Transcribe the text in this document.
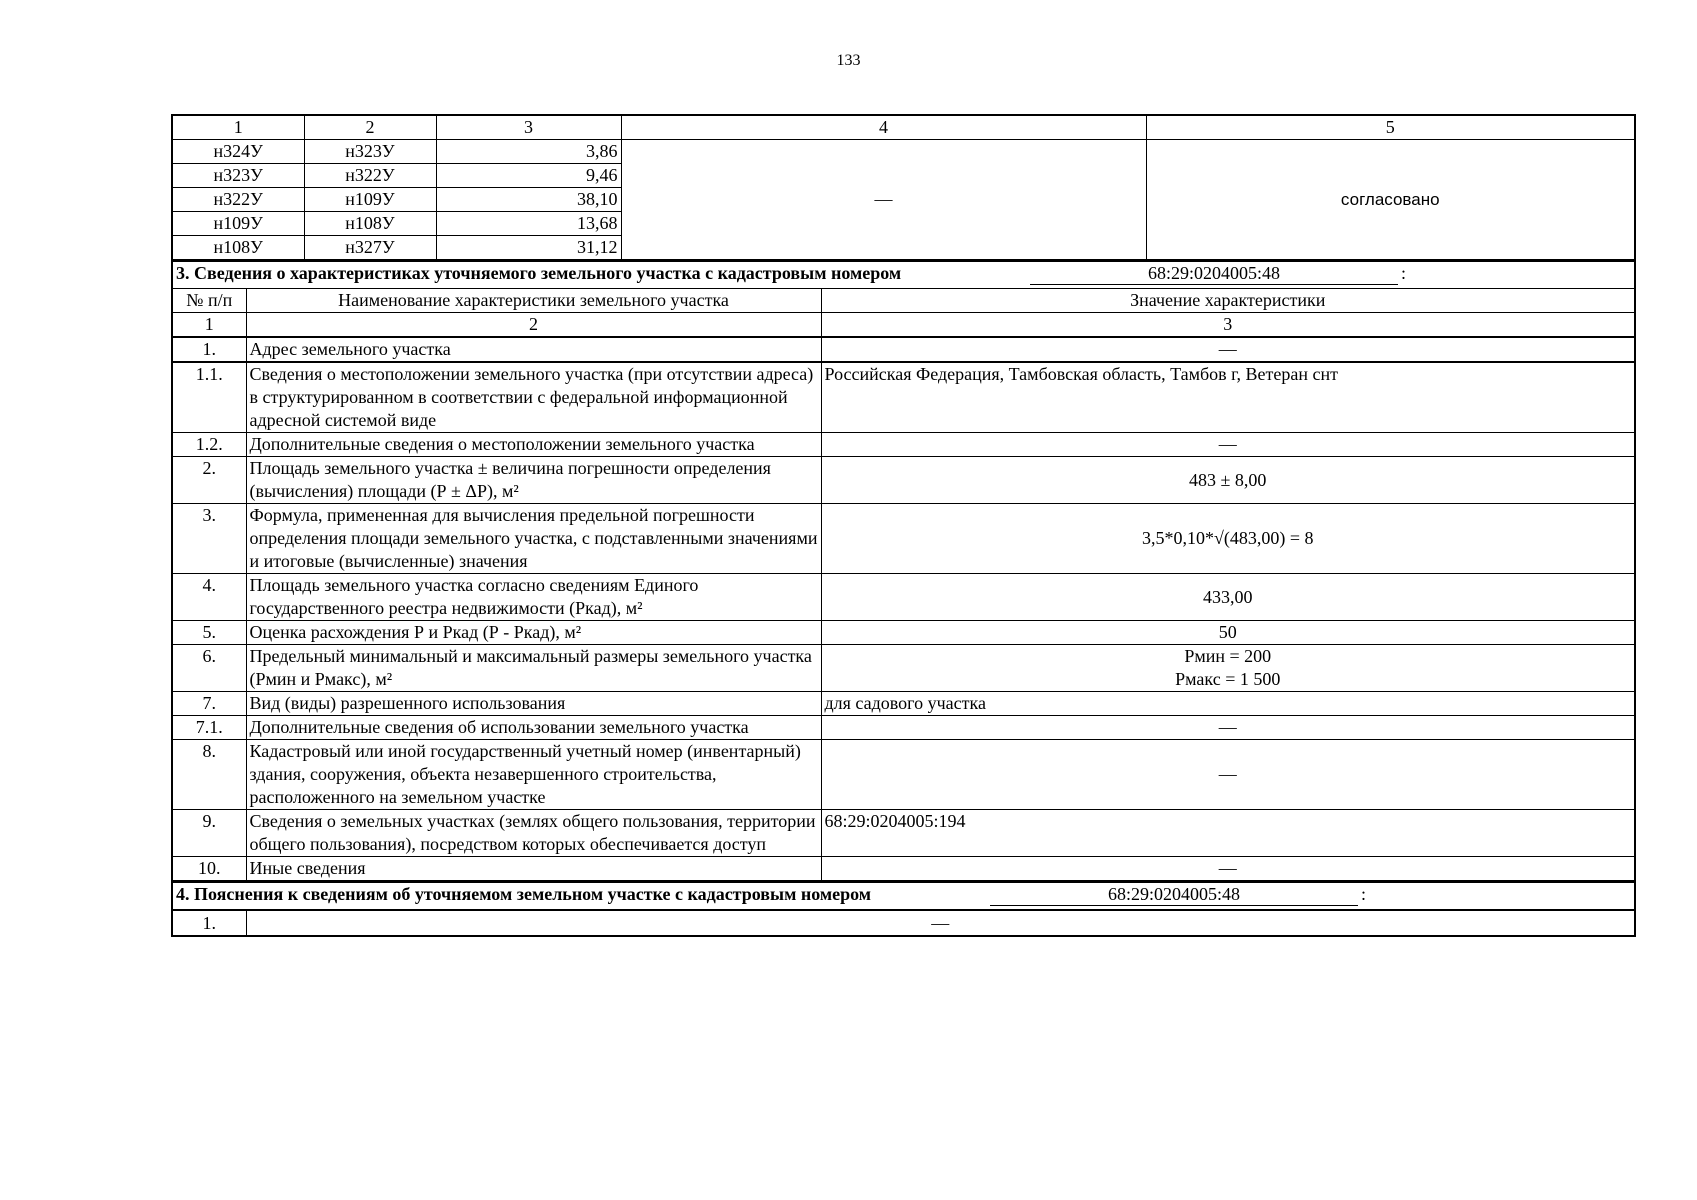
133
1	2	3	4	5
н324У	н323У	3,86	—	согласовано
н323У	н322У	9,46		
н322У	н109У	38,10		
н109У	н108У	13,68		
н108У	н327У	31,12		
3. Сведения о характеристиках уточняемого земельного участка с кадастровым номером 68:29:0204005:48 :		

№ п/п	Наименование характеристики земельного участка	Значение характеристики
1	2	3
1.	Адрес земельного участка	—
1.1.	Сведения о местоположении земельного участка (при отсутствии адреса) в структурированном в соответствии с федеральной информационной адресной системой виде	Российская Федерация, Тамбовская область, Тамбов г, Ветеран снт
1.2.	Дополнительные сведения о местоположении земельного участка	—
2.	Площадь земельного участка ± величина погрешности определения (вычисления) площади (Р ± ΔР), м²	483 ± 8,00
3.	Формула, примененная для вычисления предельной погрешности определения площади земельного участка, с подставленными значениями и итоговые (вычисленные) значения	3,5*0,10*√(483,00) = 8
4.	Площадь земельного участка согласно сведениям Единого государственного реестра недвижимости (Ркад), м²	433,00
5.	Оценка расхождения Р и Ркад (Р - Ркад), м²	50
6.	Предельный минимальный и максимальный размеры земельного участка (Рмин и Рмакс), м²	Рмин = 200
Рмакс = 1 500

7.	Вид (виды) разрешенного использования	для садового участка
7.1.	Дополнительные сведения об использовании земельного участка	—
8.	Кадастровый или иной государственный учетный номер (инвентарный) здания, сооружения, объекта незавершенного строительства, расположенного на земельном участке	—
9.	Сведения о земельных участках (землях общего пользования, территории общего пользования), посредством которых обеспечивается доступ	68:29:0204005:194
10.	Иные сведения	—
4. Пояснения к сведениям об уточняемом земельном участке с кадастровым номером	68:29:0204005:48	:

1.	—
